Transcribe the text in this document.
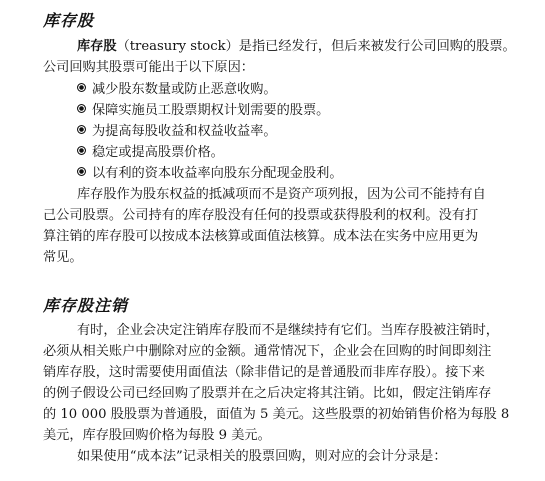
库存股
库存股（treasury stock）是指已经发行，但后来被发行公司回购的股票。
公司回购其股票可能出于以下原因：
减少股东数量或防止恶意收购。
保障实施员工股票期权计划需要的股票。
为提高每股收益和权益收益率。
稳定或提高股票价格。
以有利的资本收益率向股东分配现金股利。
库存股作为股东权益的抵减项而不是资产项列报，因为公司不能持有自
己公司股票。公司持有的库存股没有任何的投票或获得股利的权利。没有打
算注销的库存股可以按成本法核算或面值法核算。成本法在实务中应用更为
常见。
库存股注销
有时，企业会决定注销库存股而不是继续持有它们。当库存股被注销时，
必须从相关账户中删除对应的金额。通常情况下，企业会在回购的时间即刻注
销库存股，这时需要使用面值法（除非借记的是普通股而非库存股）。接下来
的例子假设公司已经回购了股票并在之后决定将其注销。比如，假定注销库存
的 10 000 股股票为普通股，面值为 5 美元。这些股票的初始销售价格为每股 8
美元，库存股回购价格为每股 9 美元。
如果使用“成本法”记录相关的股票回购，则对应的会计分录是：
